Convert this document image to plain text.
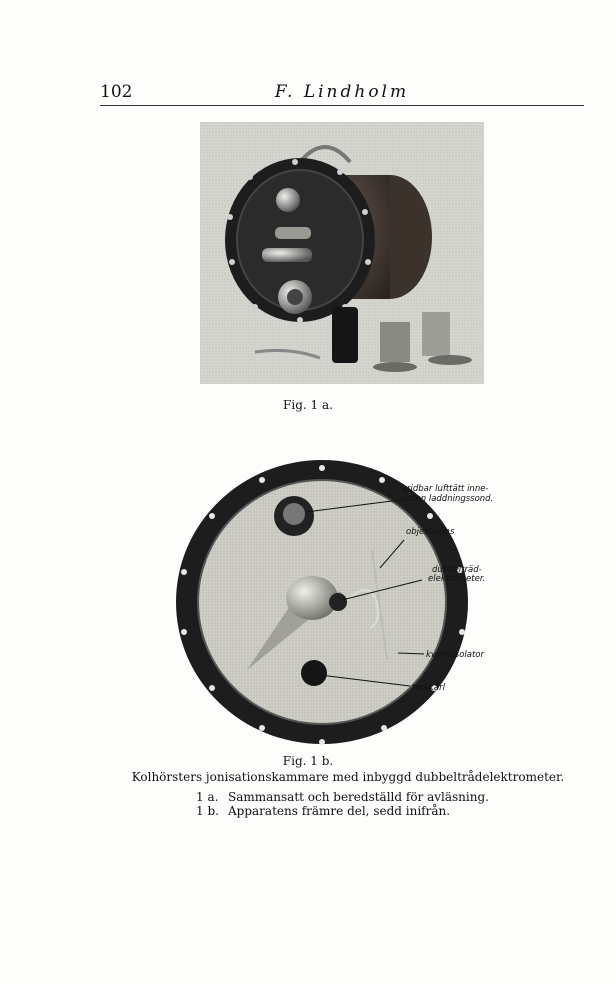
102	F. Lindholm
Fig. 1 a.
vridbar lufttätt inne-
sluten laddningssond.
objektivlins
dubbelträd-
elektrometer.
kvartsisolator
torkkärl
Fig. 1 b.
Kolhörsters jonisationskammare med inbyggd dubbeltrådelektrometer.
1 a. Sammansatt och beredställd för avläsning.
1 b. Apparatens främre del, sedd inifrån.
